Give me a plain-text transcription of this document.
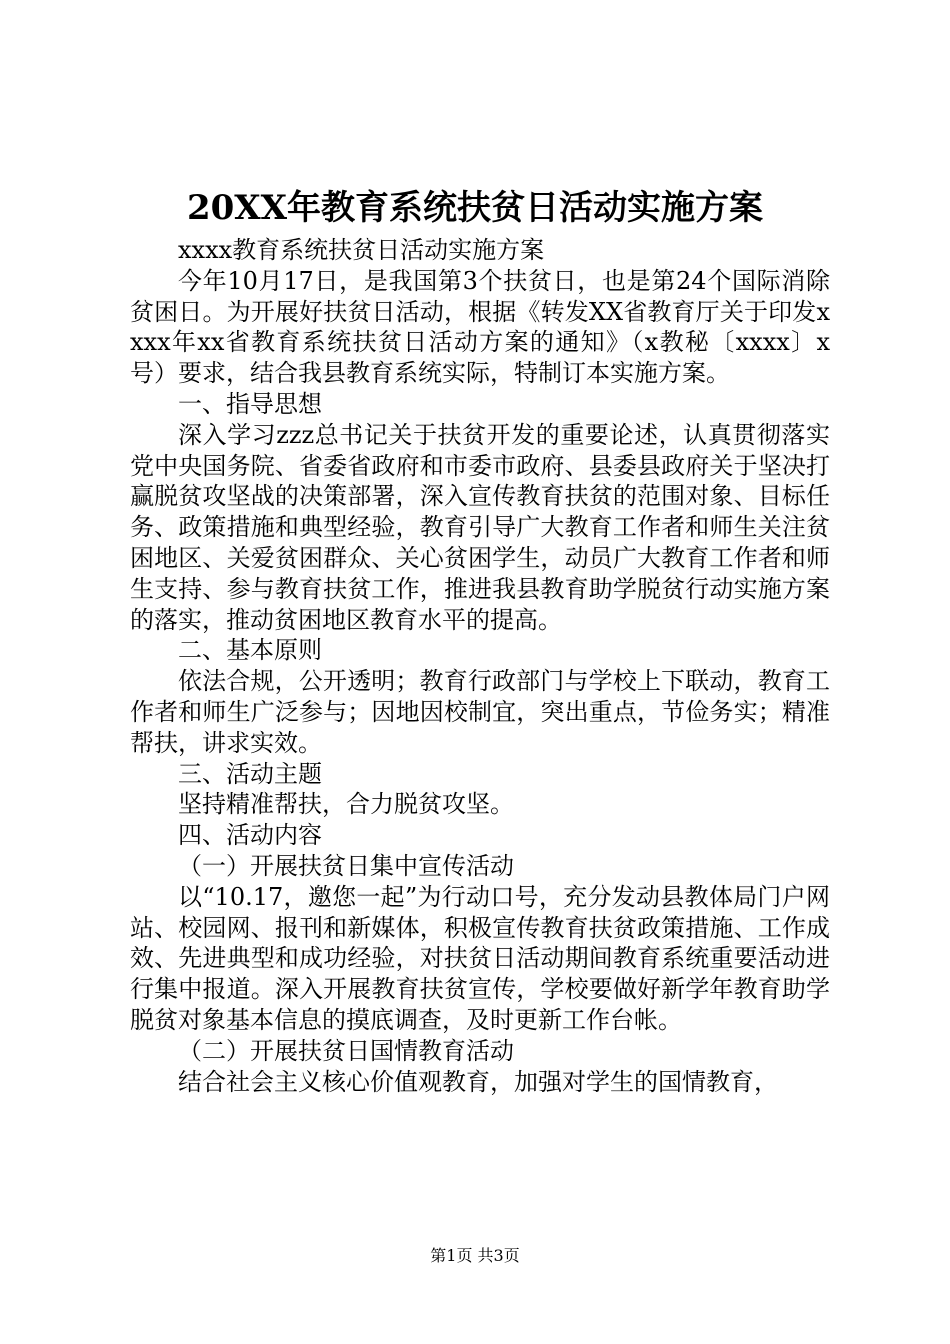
20XX年教育系统扶贫日活动实施方案

xxxx教育系统扶贫日活动实施方案

今年10月17日，是我国第3个扶贫日，也是第24个国际消除贫困日。为开展好扶贫日活动，根据《转发XX省教育厅关于印发xxxx年xx省教育系统扶贫日活动方案的通知》（x教秘〔xxxx〕x号）要求，结合我县教育系统实际，特制订本实施方案。

一、指导思想

深入学习zzz总书记关于扶贫开发的重要论述，认真贯彻落实党中央国务院、省委省政府和市委市政府、县委县政府关于坚决打赢脱贫攻坚战的决策部署，深入宣传教育扶贫的范围对象、目标任务、政策措施和典型经验，教育引导广大教育工作者和师生关注贫困地区、关爱贫困群众、关心贫困学生，动员广大教育工作者和师生支持、参与教育扶贫工作，推进我县教育助学脱贫行动实施方案的落实，推动贫困地区教育水平的提高。

二、基本原则

依法合规，公开透明；教育行政部门与学校上下联动，教育工作者和师生广泛参与；因地因校制宜，突出重点，节俭务实；精准帮扶，讲求实效。

三、活动主题

坚持精准帮扶，合力脱贫攻坚。

四、活动内容

（一）开展扶贫日集中宣传活动

以“10.17，邀您一起”为行动口号，充分发动县教体局门户网站、校园网、报刊和新媒体，积极宣传教育扶贫政策措施、工作成效、先进典型和成功经验，对扶贫日活动期间教育系统重要活动进行集中报道。深入开展教育扶贫宣传，学校要做好新学年教育助学脱贫对象基本信息的摸底调查，及时更新工作台帐。

（二）开展扶贫日国情教育活动

结合社会主义核心价值观教育，加强对学生的国情教育，

第1页 共3页
